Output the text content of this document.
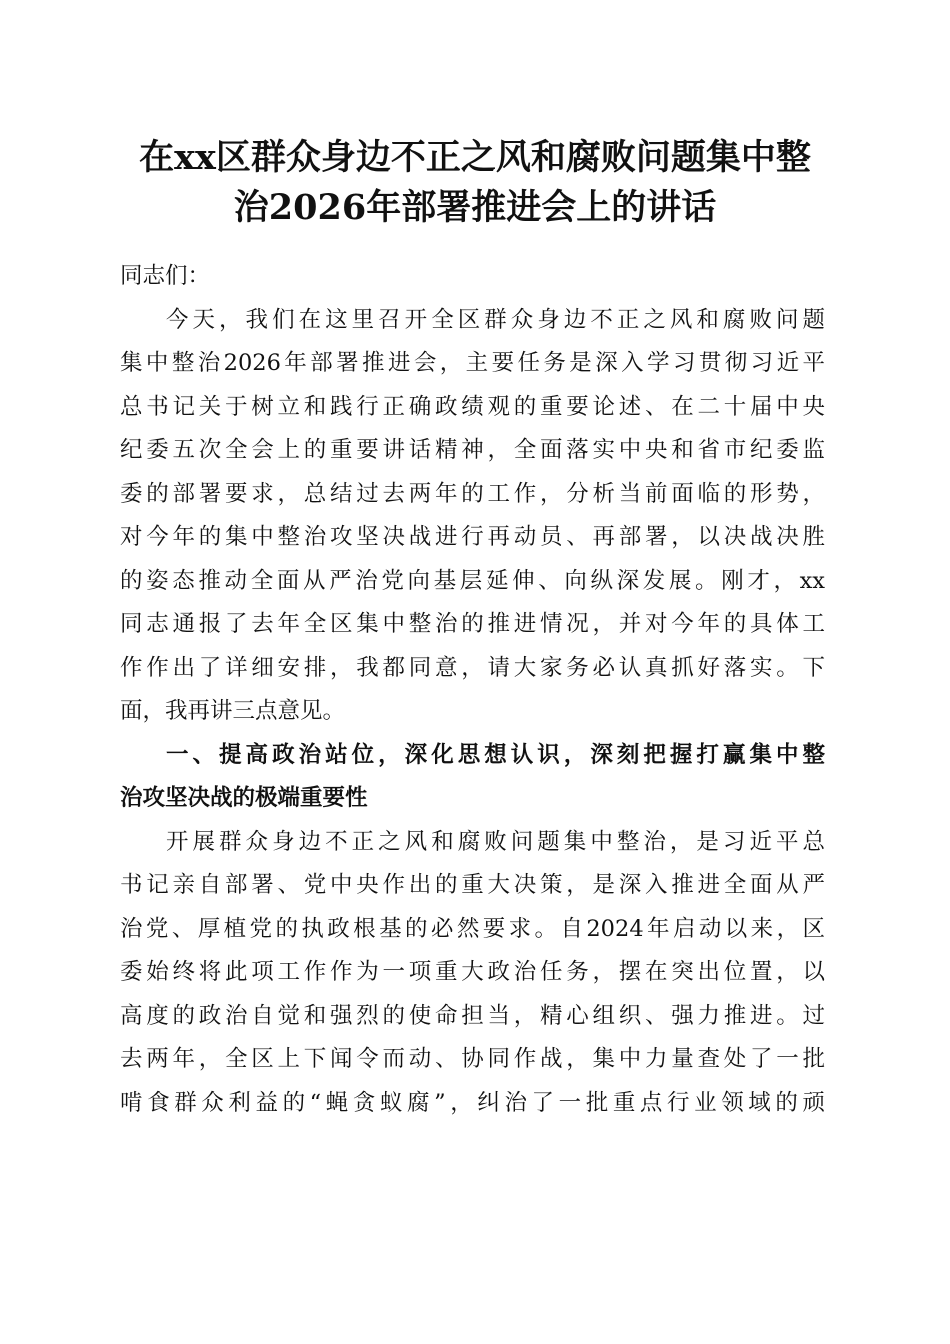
在xx区群众身边不正之风和腐败问题集中整
治2026年部署推进会上的讲话
同志们：
今天，我们在这里召开全区群众身边不正之风和腐败问题
集中整治2026年部署推进会，主要任务是深入学习贯彻习近平
总书记关于树立和践行正确政绩观的重要论述、在二十届中央
纪委五次全会上的重要讲话精神，全面落实中央和省市纪委监
委的部署要求，总结过去两年的工作，分析当前面临的形势，
对今年的集中整治攻坚决战进行再动员、再部署，以决战决胜
的姿态推动全面从严治党向基层延伸、向纵深发展。刚才，xx
同志通报了去年全区集中整治的推进情况，并对今年的具体工
作作出了详细安排，我都同意，请大家务必认真抓好落实。下
面，我再讲三点意见。
一、提高政治站位，深化思想认识，深刻把握打赢集中整
治攻坚决战的极端重要性
开展群众身边不正之风和腐败问题集中整治，是习近平总
书记亲自部署、党中央作出的重大决策，是深入推进全面从严
治党、厚植党的执政根基的必然要求。自2024年启动以来，区
委始终将此项工作作为一项重大政治任务，摆在突出位置，以
高度的政治自觉和强烈的使命担当，精心组织、强力推进。过
去两年，全区上下闻令而动、协同作战，集中力量查处了一批
啃食群众利益的“蝇贪蚁腐”，纠治了一批重点行业领域的顽
